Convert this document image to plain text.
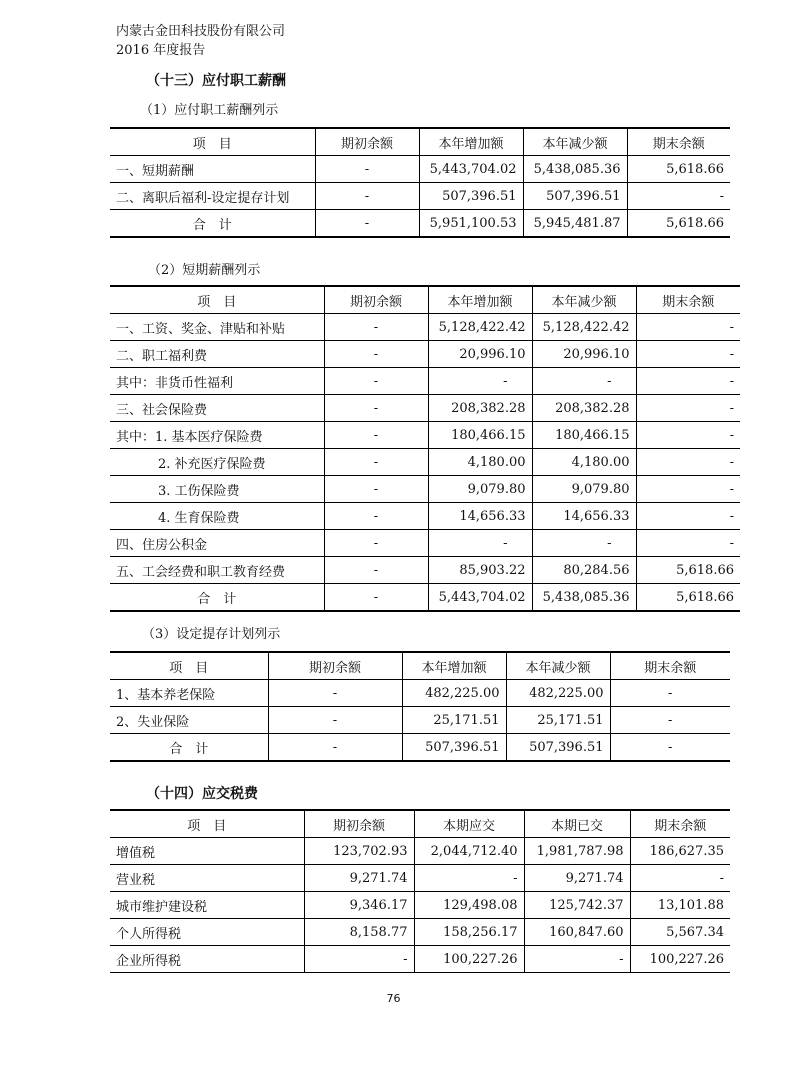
内蒙古金田科技股份有限公司
2016 年度报告
（十三）应付职工薪酬
（1）应付职工薪酬列示
项　目	期初余额	本年增加额	本年减少额	期末余额
一、短期薪酬	-	5,443,704.02	5,438,085.36	5,618.66
二、离职后福利-设定提存计划	-	507,396.51	507,396.51	-
合　计	-	5,951,100.53	5,945,481.87	5,618.66
（2）短期薪酬列示
项　目	期初余额	本年增加额	本年减少额	期末余额
一、工资、奖金、津贴和补贴	-	5,128,422.42	5,128,422.42	-
二、职工福利费	-	20,996.10	20,996.10	-
其中：非货币性福利	-	-	-	-
三、社会保险费	-	208,382.28	208,382.28	-
其中：1. 基本医疗保险费	-	180,466.15	180,466.15	-
2. 补充医疗保险费	-	4,180.00	4,180.00	-
3. 工伤保险费	-	9,079.80	9,079.80	-
4. 生育保险费	-	14,656.33	14,656.33	-
四、住房公积金	-	-	-	-
五、工会经费和职工教育经费	-	85,903.22	80,284.56	5,618.66
合　计	-	5,443,704.02	5,438,085.36	5,618.66
（3）设定提存计划列示
项　目	期初余额	本年增加额	本年减少额	期末余额
1、基本养老保险	-	482,225.00	482,225.00	-
2、失业保险	-	25,171.51	25,171.51	-
合　计	-	507,396.51	507,396.51	-
（十四）应交税费
项　目	期初余额	本期应交	本期已交	期末余额
增值税	123,702.93	2,044,712.40	1,981,787.98	186,627.35
营业税	9,271.74	-	9,271.74	-
城市维护建设税	9,346.17	129,498.08	125,742.37	13,101.88
个人所得税	8,158.77	158,256.17	160,847.60	5,567.34
企业所得税	-	100,227.26	-	100,227.26
76
